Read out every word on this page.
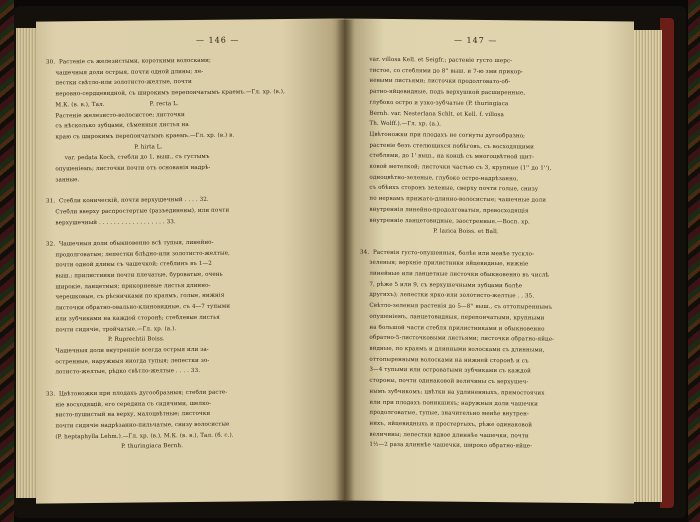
— 146 —
30.  Растеніе съ железистыми, короткими волосками;
чашечныя доли острыя, почти одной длины; ле-
пестки свѣтло-или золотисто-желтые, почти
неровно-сердцевидной, съ широкимъ перепончатымъ краемъ.—Гл. хр. (в.),
М.К. (в. в.), Тал.                        P. recta L.
Растеніе железисто-волосистое; листочки
съ нѣсколько зубцами, сѣменныя листья на
краю съ широкимъ перепончатымъ краемъ.—Гл. хр. (в.) в.
P. hirta L.
var. pedata Koch, стебли до 1, выш., съ густымъ
опушеніемъ; листочки почти отъ основанія надрѣ-
занные.

31.  Стебли коническій, почти верхушечный . . . . 32.
Стебли вверху распростертые (разъединены), или почти
верхушечный . . . . . . . . . . . . . . . . . . 33.

32.  Чашечныя доли обыкновенно всѣ тупыя, линейно-
продолговатые; лепестки блѣдно-или золотисто-желтые,
почти одной длины съ чашечкой; стеблинъ въ 1—2
выш.; прилистники почти плечатые, буроватые, очень
широкіе, ланцетныя; прикорневые листья длинно-
черешковые, съ рѣсничками по краямъ, голые, нижнія
листочки обратно-овально-клиновидные, съ 4—7 тупыми
или зубчиками на каждой сторонѣ; стеблевые листья
почти сидячіе, тройчатые.—Гл. хр. (а.).
P. Ruprechtii Boiss.
Чашечныя доли внутренніе всегда острыя или за-
остренные, наружныя иногда тупыя; лепестки зо-
лотисто-желтые, рѣдко свѣтло-желтые . . . . 33.

33.  Цвѣтоножки при плодахъ дугообразныя; стебли расте-
ніе восходящій, его середина съ сидячими, шелко-
висто-пушистый на верху, малоцвѣтные; листочки
почти сидячіе надрѣзанно-пильчатые, снизу волосистые
(P. heptaphylla Lehm.).—Гл. хр. (в.), М.К. (в. в.), Тал. (б. с.).
P. thuringiaca Bernh.
— 147 —
var. villosa Kell. et Seigfr.; растеніе густо шерс-
тистое, со стеблями до 8'' выш. и 7-ю зми прикор-
невыми листьями; листочки продолговато-об-
ратно-яйцевидные, подъ верхушкой расширенные,
глубоко остро и узко-зубчатые (P. thuringiaca
Bernh. var. Nesterlana Schlt. et Kell. f. villosa
Th. Wolff.).—Гл. хр. (а.).
Цвѣтоножки при плодахъ не согнуты дугообразно;
растеніе безъ стелющихся побѣговъ, съ восходящими
стеблями, до 1' выш., на концѣ съ многоцвѣтной щит-
ковой метелкой; листочки частью съ 3, крупные (1'' до 1''),
одноцвѣтно-зеленые, глубоко остро-надрѣзанно,
съ обѣихъ сторонъ зеленые, сверху почти голые, снизу
по нервамъ прижато-длинно-волосистые; чашечные доли
внутреннія линейно-продолговатыя, превосходящія
внутренніе ланцетовидные, заостренные.—Восп. хр.
P. lazica Boiss. et Ball.

34.  Растенія густо-опушенныя, болѣе или менѣе тускло-
зеленыя; верхніе прилистники яйцевидные, нижніе
линейные или ланцетные листочки обыкновенно въ числѣ
7, рѣже 5 или 9, съ верхушечными зубцами болѣе
другихъ); лепестки ярко-или золотисто-желтые . . 35.
Свѣтло-зеленыя растенія до 5—8'' выш., съ оттопыреннымъ
опушеніемъ, ланцетовидныя, перепончатыми, крупными
на большой части стебля прилистниками и обыкновенно
обратно-5-листочковыми листьями; листочки обратно-яйце-
видные, по краямъ и длинными волосками съ длинными,
оттопыренными волосками на нижней сторонѣ и съ
3—4 тупыми или островатыми зубчиками съ каждой
стороны, почти одинаковой величины съ верхушеч-
нымъ зубчикомъ; цвѣтки на удлиненныхъ, прямостоячих
или при плодахъ поникшихъ; наружныя доли чашечки
продолговатые, тупые, значительно менѣе внутрен-
нихъ, яйцевидныхъ и простертыхъ, рѣже одинаковой
величины; лепестки вдвое длиннѣе чашечки, почти
1½—2 раза длиннѣе чашечки, широко обратно-яйце-
